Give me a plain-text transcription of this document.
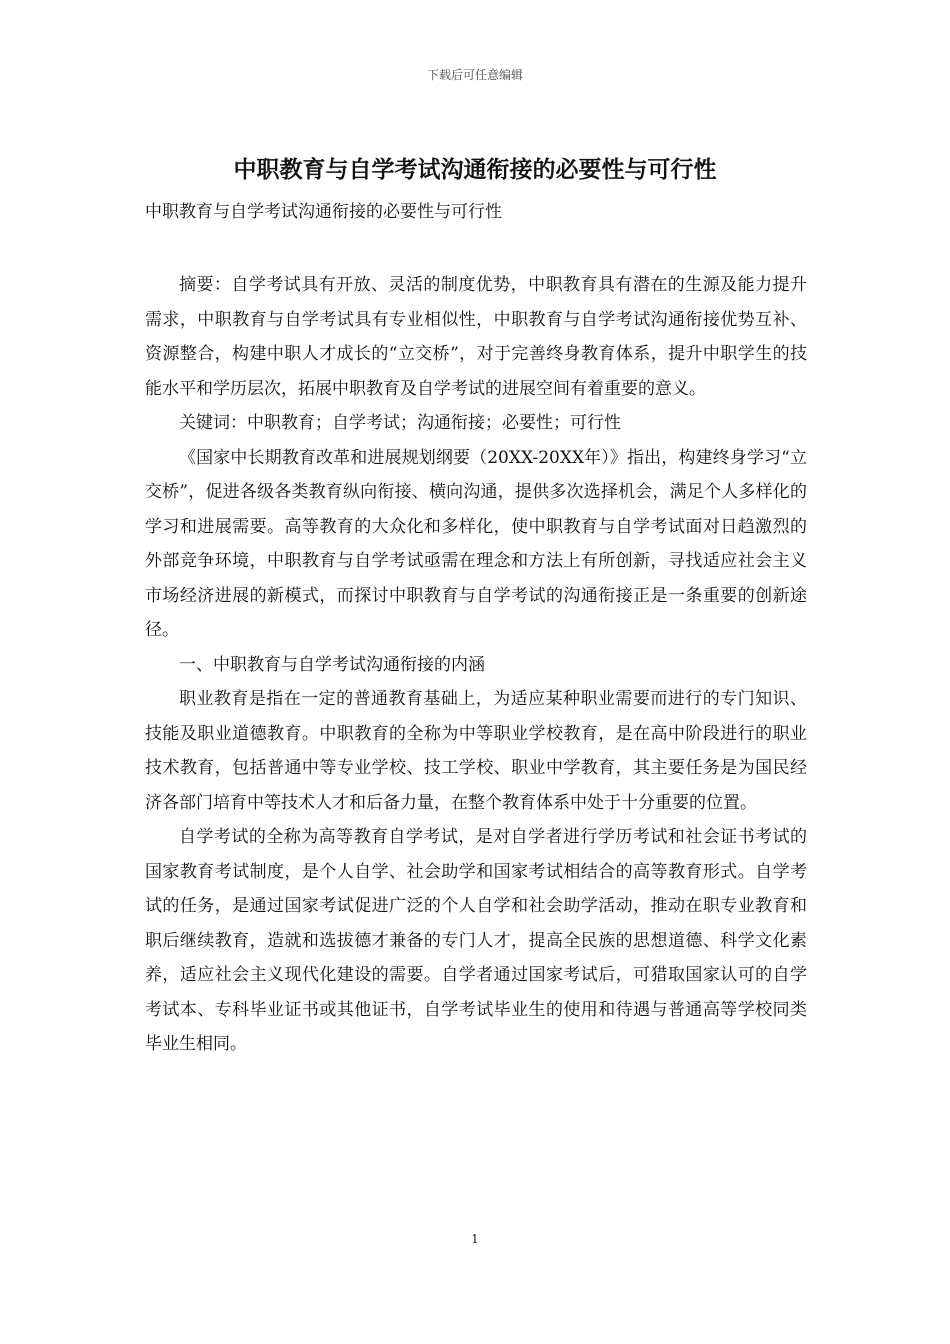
下载后可任意编辑
中职教育与自学考试沟通衔接的必要性与可行性

中职教育与自学考试沟通衔接的必要性与可行性

摘要：自学考试具有开放、灵活的制度优势，中职教育具有潜在的生源及能力提升需求，中职教育与自学考试具有专业相似性，中职教育与自学考试沟通衔接优势互补、资源整合，构建中职人才成长的“立交桥”，对于完善终身教育体系，提升中职学生的技能水平和学历层次，拓展中职教育及自学考试的进展空间有着重要的意义。

关键词：中职教育；自学考试；沟通衔接；必要性；可行性

《国家中长期教育改革和进展规划纲要（20XX-20XX年）》指出，构建终身学习“立交桥”，促进各级各类教育纵向衔接、横向沟通，提供多次选择机会，满足个人多样化的学习和进展需要。高等教育的大众化和多样化，使中职教育与自学考试面对日趋激烈的外部竞争环境，中职教育与自学考试亟需在理念和方法上有所创新，寻找适应社会主义市场经济进展的新模式，而探讨中职教育与自学考试的沟通衔接正是一条重要的创新途径。

一、中职教育与自学考试沟通衔接的内涵

职业教育是指在一定的普通教育基础上，为适应某种职业需要而进行的专门知识、技能及职业道德教育。中职教育的全称为中等职业学校教育，是在高中阶段进行的职业技术教育，包括普通中等专业学校、技工学校、职业中学教育，其主要任务是为国民经济各部门培育中等技术人才和后备力量，在整个教育体系中处于十分重要的位置。

自学考试的全称为高等教育自学考试，是对自学者进行学历考试和社会证书考试的国家教育考试制度，是个人自学、社会助学和国家考试相结合的高等教育形式。自学考试的任务，是通过国家考试促进广泛的个人自学和社会助学活动，推动在职专业教育和职后继续教育，造就和选拔德才兼备的专门人才，提高全民族的思想道德、科学文化素养，适应社会主义现代化建设的需要。自学者通过国家考试后，可猎取国家认可的自学考试本、专科毕业证书或其他证书，自学考试毕业生的使用和待遇与普通高等学校同类毕业生相同。

1
